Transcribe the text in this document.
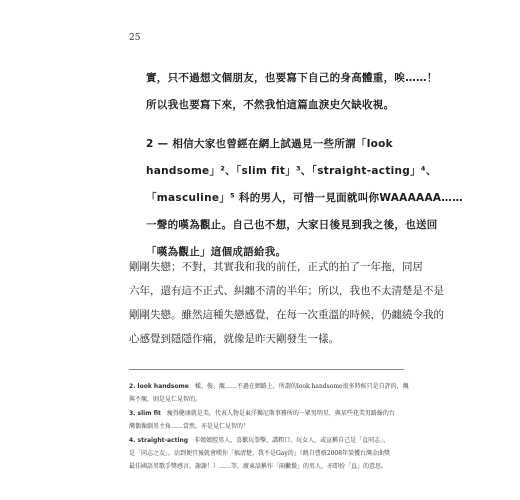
25
實，只不過想文個朋友，也要寫下自己的身高體重，唉……！
所以我也要寫下來，不然我怕這篇血淚史欠缺收視。
2 — 相信大家也曾經在網上試過見一些所謂「look
handsome」²、「slim fit」³、「straight-acting」⁴、
「masculine」⁵ 科的男人，可惜一見面就叫你WAAAAAA……
一聲的嘆為觀止。自己也不想，大家日後見到我之後，也送回
「嘆為觀止」這個成語給我。
剛剛失戀；不對，其實我和我的前任，正式的拍了一年拖，同居
六年，還有這不正式、糾纏不清的半年；所以，我也不太清楚是不是
剛剛失戀。雖然這種失戀感覺，在每一次重溫的時候，仍纏繞令我的
心感覺到隱隱作痛，就像是昨天剛發生一樣。
2. look handsome 樣、俊、靚……不過在網路上，所謂的look handsome很多時候只是自評的，靚
與不靚，則是見仁見智的。
3. slim fit 瘦得健康就是美，代表人物是東洋獨尼斯事務所的一眾男明星，與某些花美男路線的台
灣偶像劇男主角……當然，亦是見仁見智的！
4. straight-acting 非娘娘腔男人，喜歡玩拳擊、講粗口、玩女人，或宣稱自己是「直同志」，
是「同志之友」。沾到便宜後就會嘆你「搞清楚，我不是Gay的」（饒自曹格2008年榮獲台灣金曲獎
最佳國語男歌手獎感言，謝謝！）……等，廣東話稱作「兩撇鬚」的男人，亦即扮「直」的意思。
